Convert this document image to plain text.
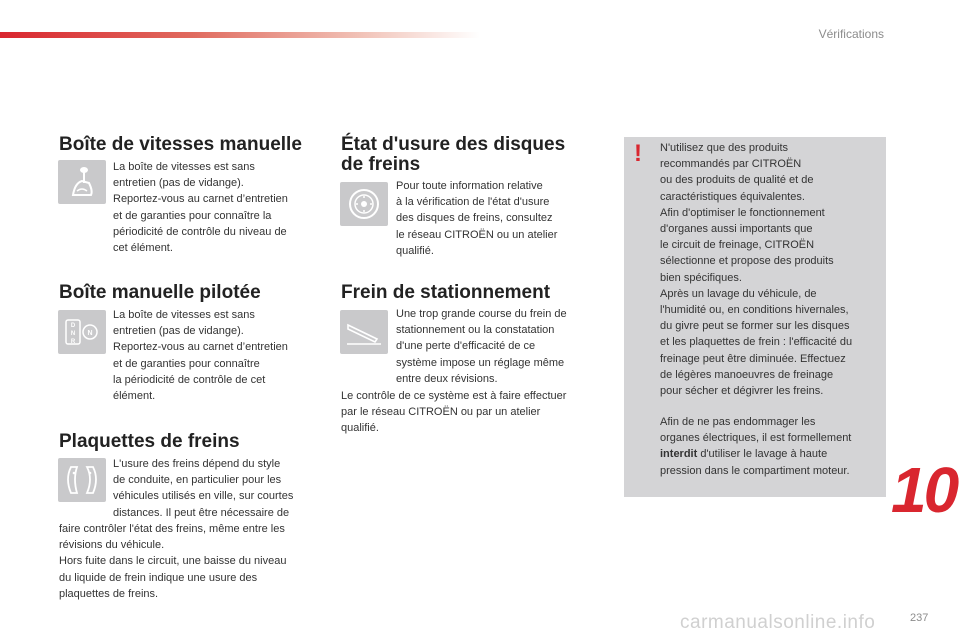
Vérifications
Boîte de vitesses manuelle
La boîte de vitesses est sans
entretien (pas de vidange).
Reportez-vous au carnet d’entretien
et de garanties pour connaître la
périodicité de contrôle du niveau de
cet élément.
Boîte manuelle pilotée
D
N
R
N
La boîte de vitesses est sans
entretien (pas de vidange).
Reportez-vous au carnet d’entretien
et de garanties pour connaître
la périodicité de contrôle de cet
élément.
Plaquettes de freins
L'usure des freins dépend du style
de conduite, en particulier pour les
véhicules utilisés en ville, sur courtes
distances. Il peut être nécessaire de
faire contrôler l'état des freins, même entre les
révisions du véhicule.
Hors fuite dans le circuit, une baisse du niveau
du liquide de frein indique une usure des
plaquettes de freins.
État d'usure des disques
de freins
Pour toute information relative
à la vérification de l'état d'usure
des disques de freins, consultez
le réseau CITROËN ou un atelier
qualifié.
Frein de stationnement
Une trop grande course du frein de
stationnement ou la constatation
d'une perte d'efficacité de ce
système impose un réglage même
entre deux révisions.
Le contrôle de ce système est à faire effectuer
par le réseau CITROËN ou par un atelier
qualifié.
! N'utilisez que des produits
recommandés par CITROËN
ou des produits de qualité et de
caractéristiques équivalentes.
Afin d'optimiser le fonctionnement
d'organes aussi importants que
le circuit de freinage, CITROËN
sélectionne et propose des produits
bien spécifiques.
Après un lavage du véhicule, de
l'humidité ou, en conditions hivernales,
du givre peut se former sur les disques
et les plaquettes de frein : l'efficacité du
freinage peut être diminuée. Effectuez
de légères manoeuvres de freinage
pour sécher et dégivrer les freins.
Afin de ne pas endommager les
organes électriques, il est formellement
interdit d'utiliser le lavage à haute
pression dans le compartiment moteur. 10
carmanualsonline.info	237
